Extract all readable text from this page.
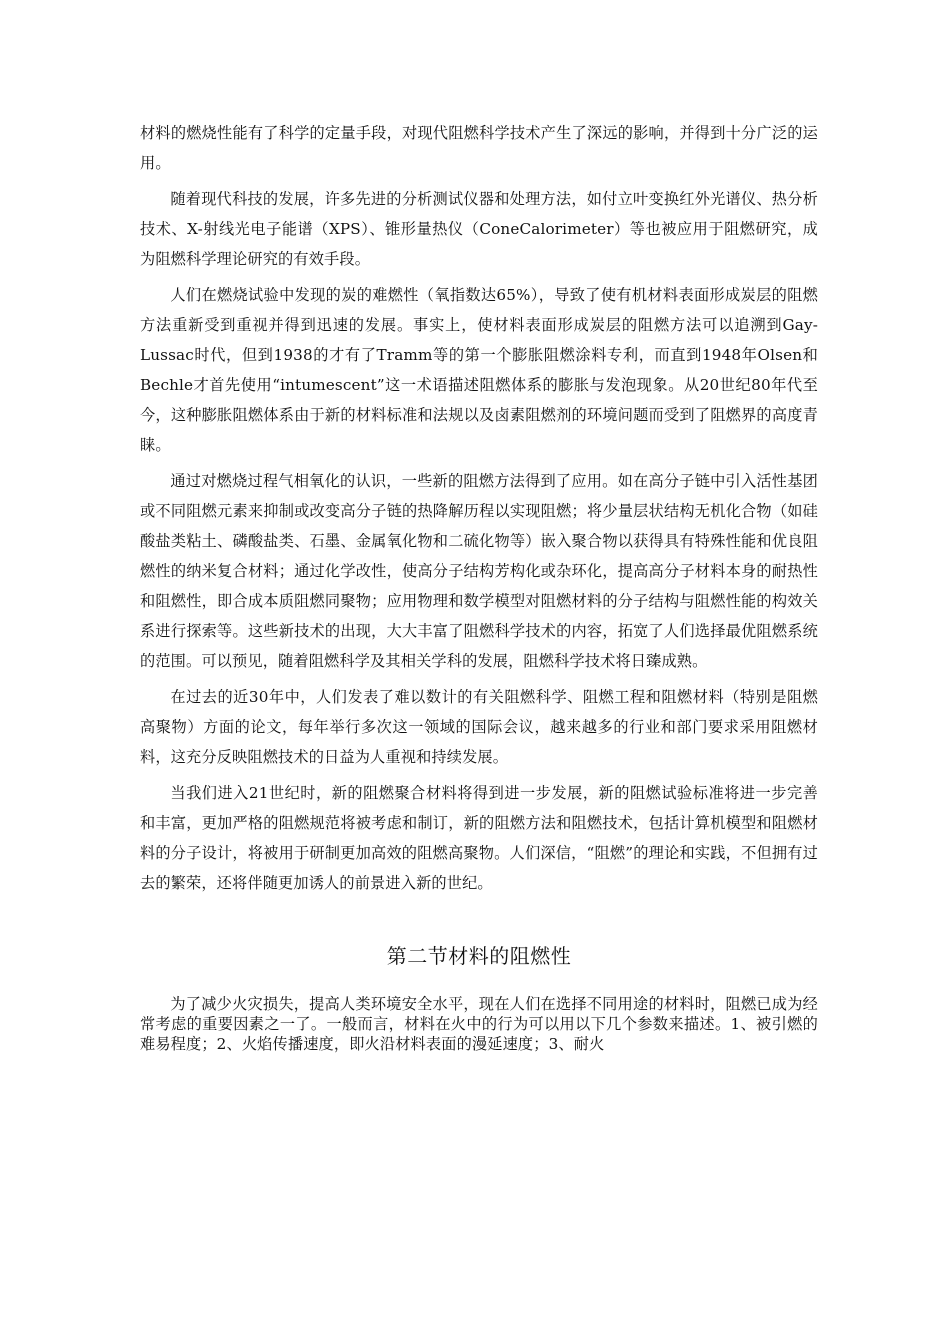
材料的燃烧性能有了科学的定量手段，对现代阻燃科学技术产生了深远的影响，并得到十分广泛的运用。

随着现代科技的发展，许多先进的分析测试仪器和处理方法，如付立叶变换红外光谱仪、热分析技术、X-射线光电子能谱（XPS）、锥形量热仪（ConeCalorimeter）等也被应用于阻燃研究，成为阻燃科学理论研究的有效手段。

人们在燃烧试验中发现的炭的难燃性（氧指数达65%），导致了使有机材料表面形成炭层的阻燃方法重新受到重视并得到迅速的发展。事实上，使材料表面形成炭层的阻燃方法可以追溯到Gay-Lussac时代，但到1938的才有了Tramm等的第一个膨胀阻燃涂料专利，而直到1948年Olsen和Bechle才首先使用“intumescent”这一术语描述阻燃体系的膨胀与发泡现象。从20世纪80年代至今，这种膨胀阻燃体系由于新的材料标准和法规以及卤素阻燃剂的环境问题而受到了阻燃界的高度青睐。

通过对燃烧过程气相氧化的认识，一些新的阻燃方法得到了应用。如在高分子链中引入活性基团或不同阻燃元素来抑制或改变高分子链的热降解历程以实现阻燃；将少量层状结构无机化合物（如硅酸盐类粘土、磷酸盐类、石墨、金属氧化物和二硫化物等）嵌入聚合物以获得具有特殊性能和优良阻燃性的纳米复合材料；通过化学改性，使高分子结构芳构化或杂环化，提高高分子材料本身的耐热性和阻燃性，即合成本质阻燃同聚物；应用物理和数学模型对阻燃材料的分子结构与阻燃性能的构效关系进行探索等。这些新技术的出现，大大丰富了阻燃科学技术的内容，拓宽了人们选择最优阻燃系统的范围。可以预见，随着阻燃科学及其相关学科的发展，阻燃科学技术将日臻成熟。

在过去的近30年中，人们发表了难以数计的有关阻燃科学、阻燃工程和阻燃材料（特别是阻燃高聚物）方面的论文，每年举行多次这一领域的国际会议，越来越多的行业和部门要求采用阻燃材料，这充分反映阻燃技术的日益为人重视和持续发展。

当我们进入21世纪时，新的阻燃聚合材料将得到进一步发展，新的阻燃试验标准将进一步完善和丰富，更加严格的阻燃规范将被考虑和制订，新的阻燃方法和阻燃技术，包括计算机模型和阻燃材料的分子设计，将被用于研制更加高效的阻燃高聚物。人们深信，“阻燃”的理论和实践，不但拥有过去的繁荣，还将伴随更加诱人的前景进入新的世纪。

第二节材料的阻燃性

为了减少火灾损失，提高人类环境安全水平，现在人们在选择不同用途的材料时，阻燃已成为经常考虑的重要因素之一了。一般而言，材料在火中的行为可以用以下几个参数来描述。1、被引燃的难易程度；2、火焰传播速度，即火沿材料表面的漫延速度；3、耐火
